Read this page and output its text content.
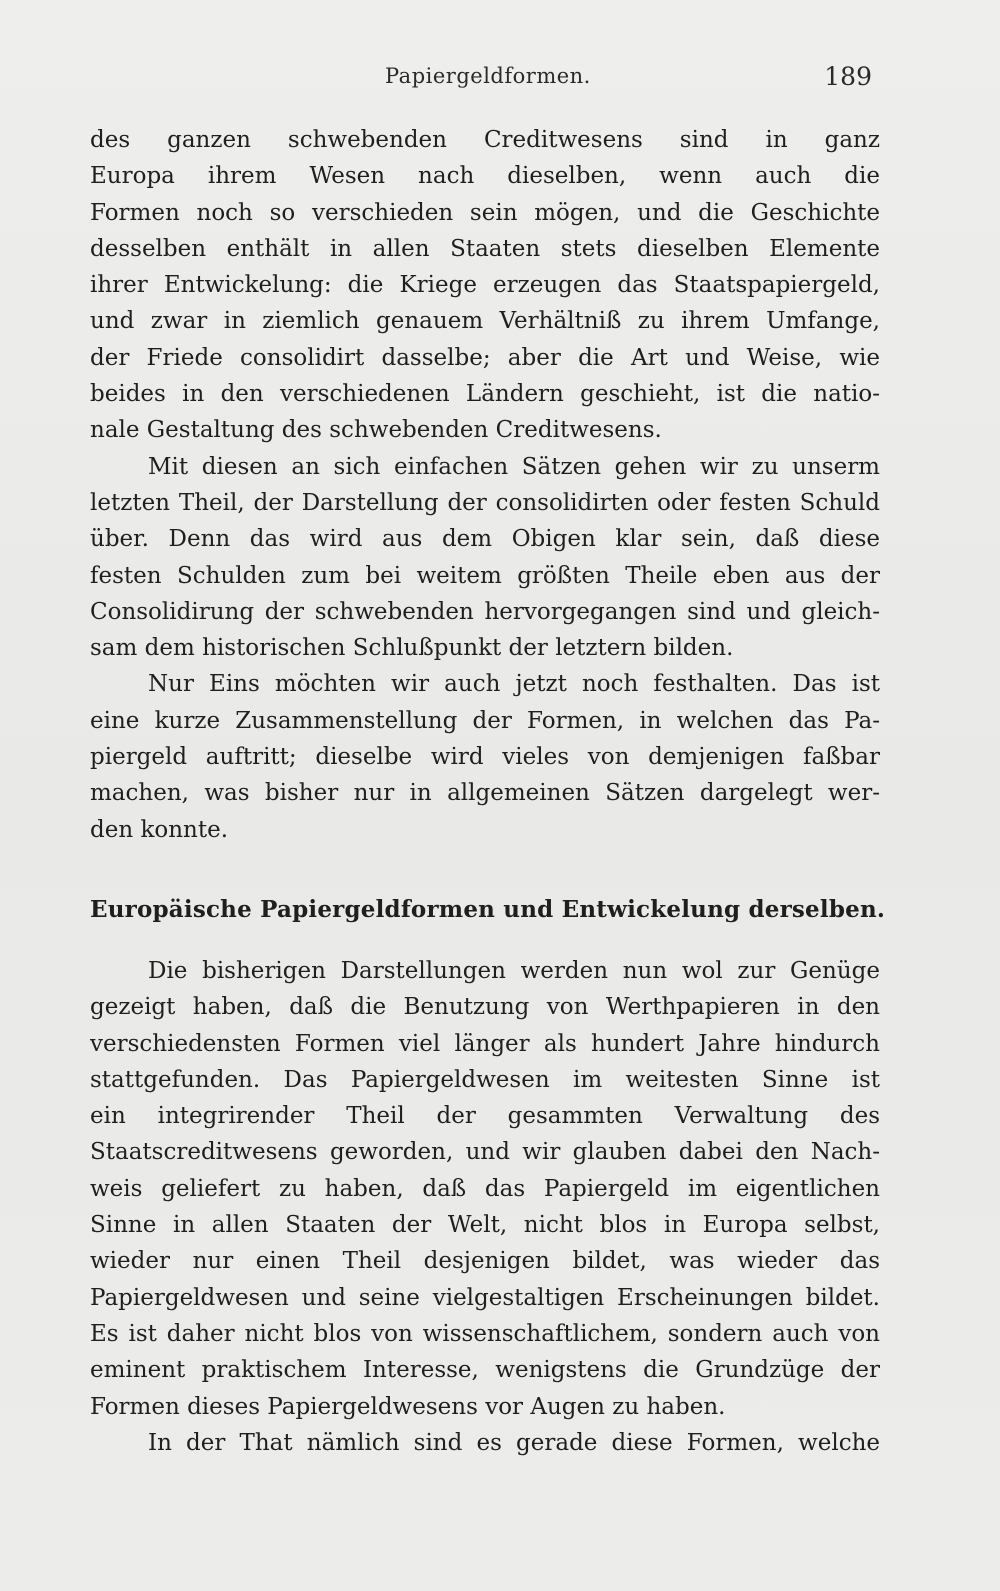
Papiergeldformen.	189
des ganzen schwebenden Creditwesens sind in ganz
Europa ihrem Wesen nach dieselben, wenn auch die
Formen noch so verschieden sein mögen, und die Geschichte
desselben enthält in allen Staaten stets dieselben Elemente
ihrer Entwickelung: die Kriege erzeugen das Staatspapiergeld,
und zwar in ziemlich genauem Verhältniß zu ihrem Umfange,
der Friede consolidirt dasselbe; aber die Art und Weise, wie
beides in den verschiedenen Ländern geschieht, ist die natio-
nale Gestaltung des schwebenden Creditwesens.
Mit diesen an sich einfachen Sätzen gehen wir zu unserm
letzten Theil, der Darstellung der consolidirten oder festen Schuld
über. Denn das wird aus dem Obigen klar sein, daß diese
festen Schulden zum bei weitem größten Theile eben aus der
Consolidirung der schwebenden hervorgegangen sind und gleich-
sam dem historischen Schlußpunkt der letztern bilden.
Nur Eins möchten wir auch jetzt noch festhalten. Das ist
eine kurze Zusammenstellung der Formen, in welchen das Pa-
piergeld auftritt; dieselbe wird vieles von demjenigen faßbar
machen, was bisher nur in allgemeinen Sätzen dargelegt wer-
den konnte.
Europäische Papiergeldformen und Entwickelung derselben.
Die bisherigen Darstellungen werden nun wol zur Genüge
gezeigt haben, daß die Benutzung von Werthpapieren in den
verschiedensten Formen viel länger als hundert Jahre hindurch
stattgefunden. Das Papiergeldwesen im weitesten Sinne ist
ein integrirender Theil der gesammten Verwaltung des
Staatscreditwesens geworden, und wir glauben dabei den Nach-
weis geliefert zu haben, daß das Papiergeld im eigentlichen
Sinne in allen Staaten der Welt, nicht blos in Europa selbst,
wieder nur einen Theil desjenigen bildet, was wieder das
Papiergeldwesen und seine vielgestaltigen Erscheinungen bildet.
Es ist daher nicht blos von wissenschaftlichem, sondern auch von
eminent praktischem Interesse, wenigstens die Grundzüge der
Formen dieses Papiergeldwesens vor Augen zu haben.
In der That nämlich sind es gerade diese Formen, welche
